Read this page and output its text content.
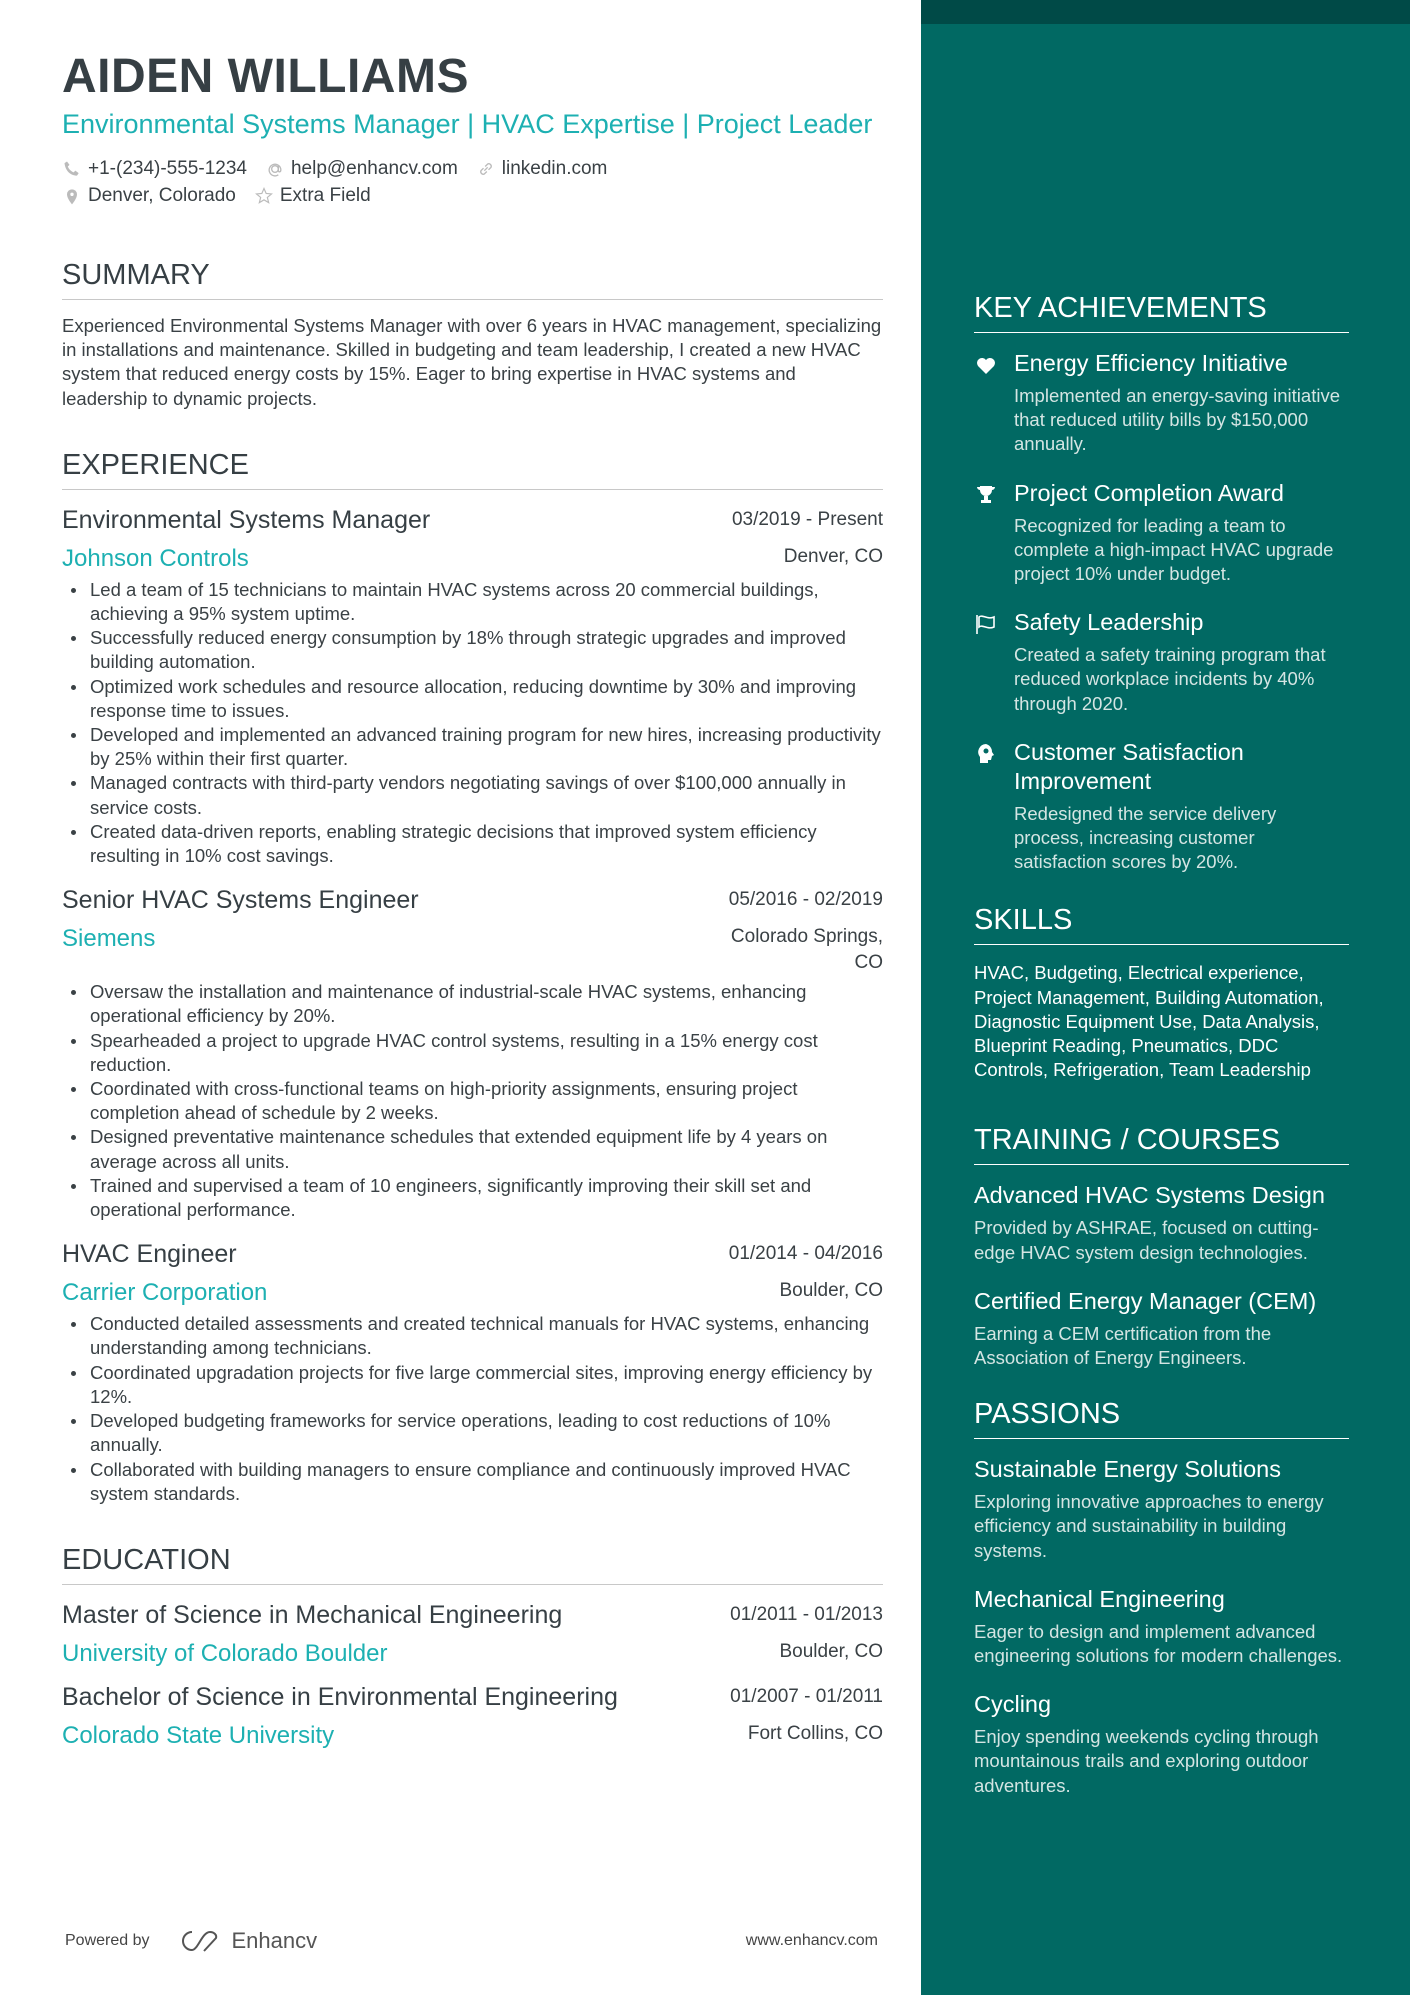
AIDEN WILLIAMS
Environmental Systems Manager | HVAC Expertise | Project Leader
+1-(234)-555-1234 help@enhancv.com linkedin.com
Denver, Colorado Extra Field
SUMMARY
Experienced Environmental Systems Manager with over 6 years in HVAC management, specializing in installations and maintenance. Skilled in budgeting and team leadership, I created a new HVAC system that reduced energy costs by 15%. Eager to bring expertise in HVAC systems and leadership to dynamic projects.
EXPERIENCE
Environmental Systems Manager	03/2019 - Present
Johnson Controls	Denver, CO
Led a team of 15 technicians to maintain HVAC systems across 20 commercial buildings, achieving a 95% system uptime.
Successfully reduced energy consumption by 18% through strategic upgrades and improved building automation.
Optimized work schedules and resource allocation, reducing downtime by 30% and improving response time to issues.
Developed and implemented an advanced training program for new hires, increasing productivity by 25% within their first quarter.
Managed contracts with third-party vendors negotiating savings of over $100,000 annually in service costs.
Created data-driven reports, enabling strategic decisions that improved system efficiency resulting in 10% cost savings.
Senior HVAC Systems Engineer	05/2016 - 02/2019
Siemens	Colorado Springs, CO
Oversaw the installation and maintenance of industrial-scale HVAC systems, enhancing operational efficiency by 20%.
Spearheaded a project to upgrade HVAC control systems, resulting in a 15% energy cost reduction.
Coordinated with cross-functional teams on high-priority assignments, ensuring project completion ahead of schedule by 2 weeks.
Designed preventative maintenance schedules that extended equipment life by 4 years on average across all units.
Trained and supervised a team of 10 engineers, significantly improving their skill set and operational performance.
HVAC Engineer	01/2014 - 04/2016
Carrier Corporation	Boulder, CO
Conducted detailed assessments and created technical manuals for HVAC systems, enhancing understanding among technicians.
Coordinated upgradation projects for five large commercial sites, improving energy efficiency by 12%.
Developed budgeting frameworks for service operations, leading to cost reductions of 10% annually.
Collaborated with building managers to ensure compliance and continuously improved HVAC system standards.
EDUCATION
Master of Science in Mechanical Engineering	01/2011 - 01/2013
University of Colorado Boulder	Boulder, CO
Bachelor of Science in Environmental Engineering	01/2007 - 01/2011
Colorado State University	Fort Collins, CO
Powered by	Enhancv	www.enhancv.com
KEY ACHIEVEMENTS
Energy Efficiency Initiative
Implemented an energy-saving initiative that reduced utility bills by $150,000 annually.
Project Completion Award
Recognized for leading a team to complete a high-impact HVAC upgrade project 10% under budget.
Safety Leadership
Created a safety training program that reduced workplace incidents by 40% through 2020.
Customer Satisfaction Improvement
Redesigned the service delivery process, increasing customer satisfaction scores by 20%.
SKILLS
HVAC, Budgeting, Electrical experience, Project Management, Building Automation, Diagnostic Equipment Use, Data Analysis, Blueprint Reading, Pneumatics, DDC Controls, Refrigeration, Team Leadership
TRAINING / COURSES
Advanced HVAC Systems Design
Provided by ASHRAE, focused on cutting-edge HVAC system design technologies.
Certified Energy Manager (CEM)
Earning a CEM certification from the Association of Energy Engineers.
PASSIONS
Sustainable Energy Solutions
Exploring innovative approaches to energy efficiency and sustainability in building systems.
Mechanical Engineering
Eager to design and implement advanced engineering solutions for modern challenges.
Cycling
Enjoy spending weekends cycling through mountainous trails and exploring outdoor adventures.
